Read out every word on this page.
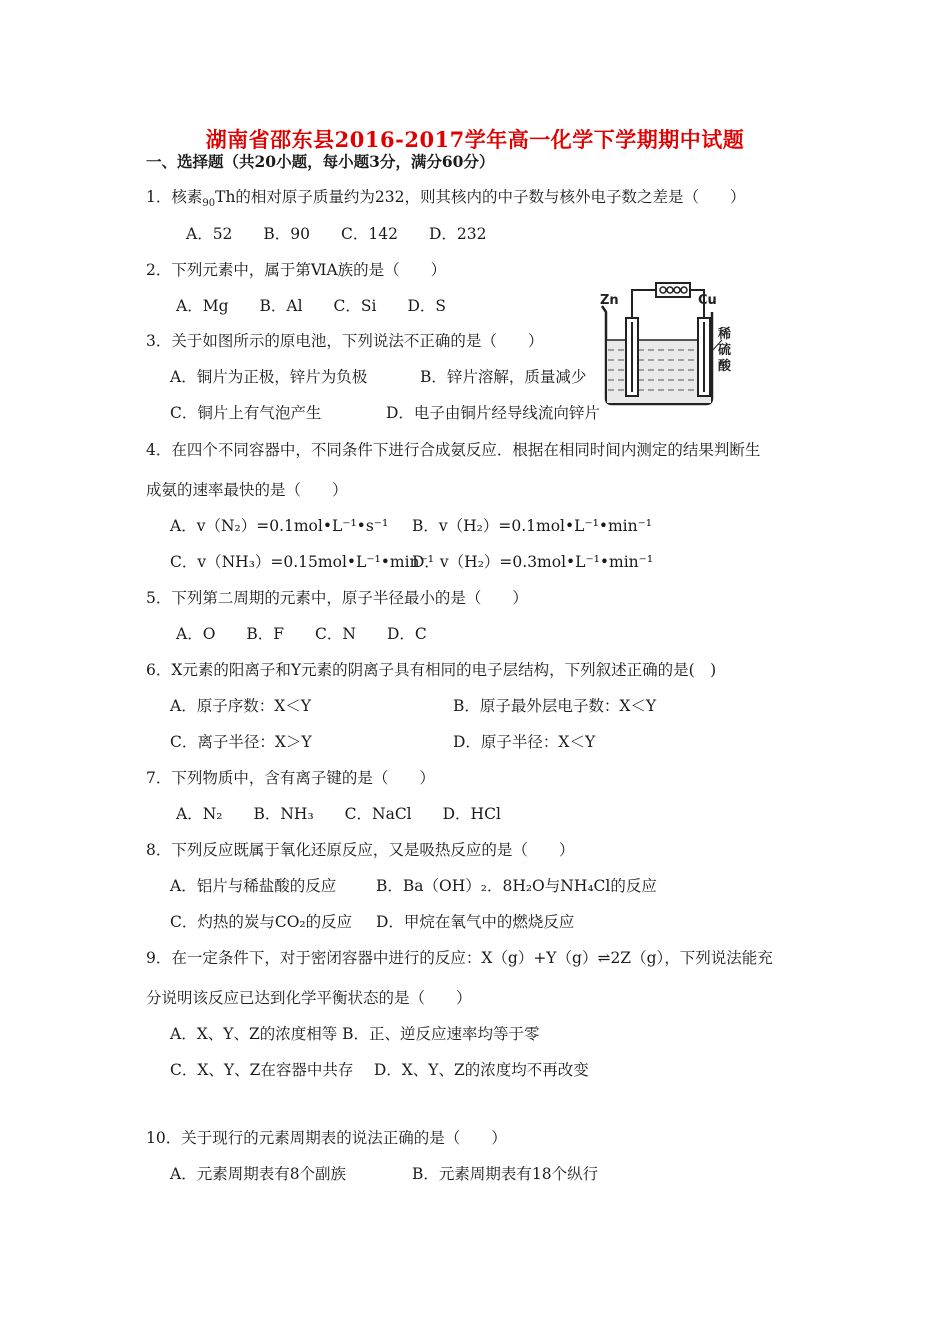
湖南省邵东县2016-2017学年高一化学下学期期中试题
一、选择题（共20小题，每小题3分，满分60分）
1．核素$_{90}$Th的相对原子质量约为232，则其核内的中子数与核外电子数之差是（　　）
A．52　　B．90　　C．142　　D．232
2．下列元素中，属于第ⅥA族的是（　　）
A．Mg　　B．Al　　C．Si　　D．S	Zn	Cu
稀
硫
酸
3．关于如图所示的原电池，下列说法不正确的是（　　）
A．铜片为正极，锌片为负极	B．锌片溶解，质量减少
C．铜片上有气泡产生	D．电子由铜片经导线流向锌片
4．在四个不同容器中，不同条件下进行合成氨反应．根据在相同时间内测定的结果判断生
成氨的速率最快的是（　　）
A．v（N₂）=0.1mol•L⁻¹•s⁻¹ B．v（H₂）=0.1mol•L⁻¹•min⁻¹
C．v（NH₃）=0.15mol•L⁻¹•min⁻¹
D．v（H₂）=0.3mol•L⁻¹•min⁻¹
5．下列第二周期的元素中，原子半径最小的是（　　）
A．O　　B．F　　C．N　　D．C
6．X元素的阳离子和Y元素的阴离子具有相同的电子层结构，下列叙述正确的是(　)
A．原子序数：X＜Y	B．原子最外层电子数：X＜Y
C．离子半径：X＞Y	D．原子半径：X＜Y
7．下列物质中，含有离子键的是（　　）
A．N₂　　B．NH₃　　C．NaCl　　D．HCl
8．下列反应既属于氧化还原反应，又是吸热反应的是（　　）
A．铝片与稀盐酸的反应	B．Ba（OH）₂．8H₂O与NH₄Cl的反应
C．灼热的炭与CO₂的反应 D．甲烷在氧气中的燃烧反应
9．在一定条件下，对于密闭容器中进行的反应：X（g）+Y（g）⇌2Z（g），下列说法能充
分说明该反应已达到化学平衡状态的是（　　）
A．X、Y、Z的浓度相等 B．正、逆反应速率均等于零
C．X、Y、Z在容器中共存　 D．X、Y、Z的浓度均不再改变
10．关于现行的元素周期表的说法正确的是（　　）
A．元素周期表有8个副族	B．元素周期表有18个纵行
